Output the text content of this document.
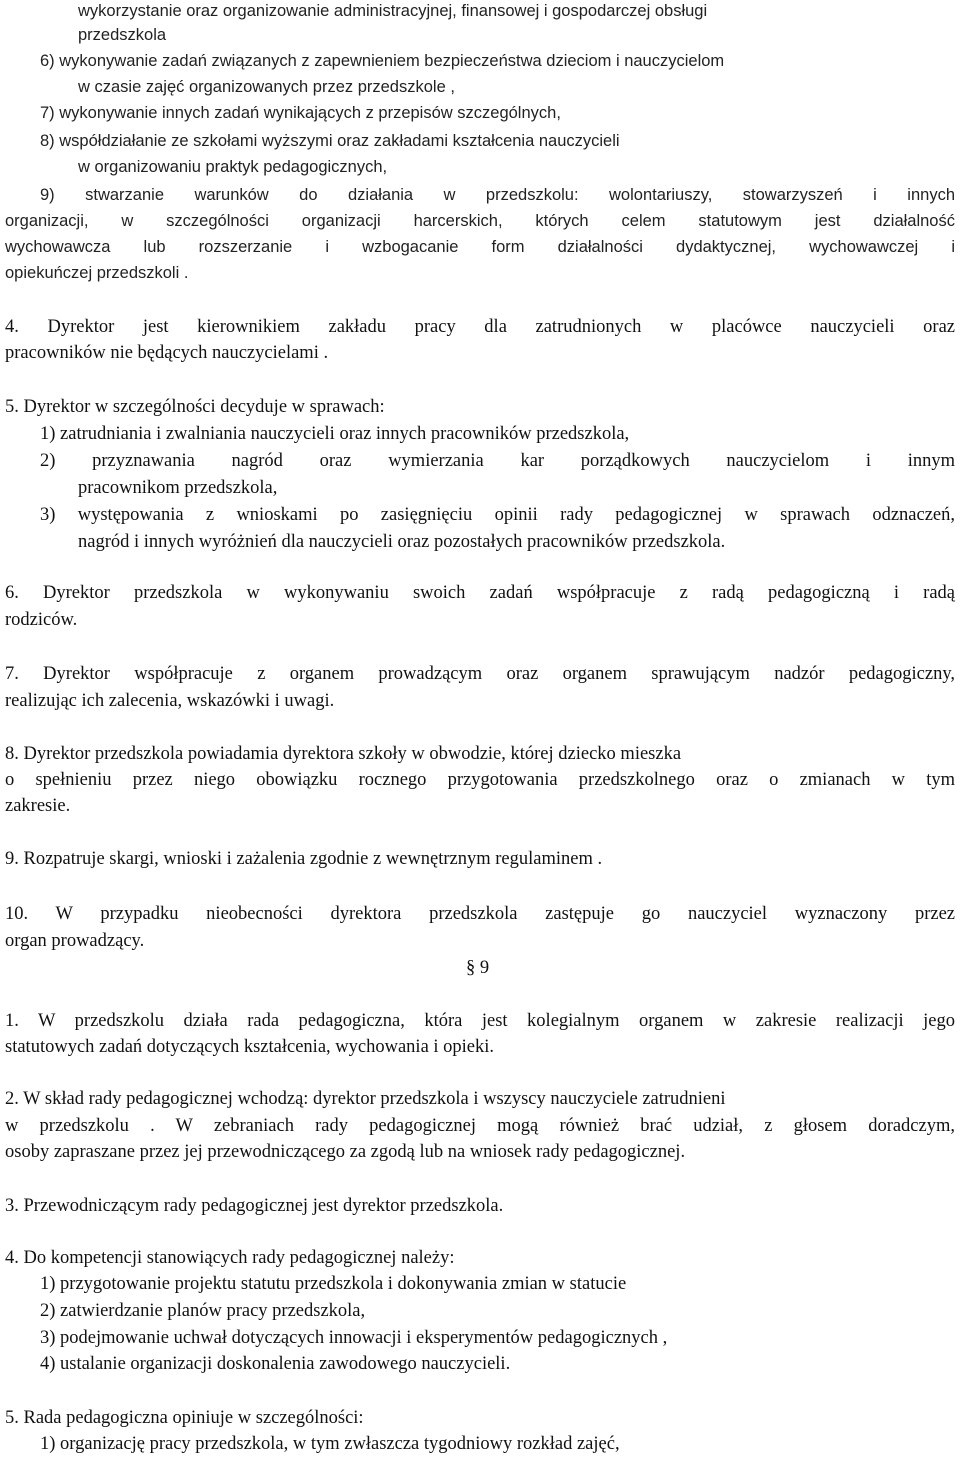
wykorzystanie oraz organizowanie administracyjnej, finansowej i gospodarczej obsługi
przedszkola
6) wykonywanie zadań związanych z zapewnieniem bezpieczeństwa dzieciom i nauczycielom
w czasie zajęć organizowanych przez przedszkole ,
7) wykonywanie innych zadań wynikających z przepisów szczególnych,
8) współdziałanie ze szkołami wyższymi oraz zakładami kształcenia nauczycieli
w organizowaniu praktyk pedagogicznych,
9) stwarzanie warunków do działania w przedszkolu: wolontariuszy, stowarzyszeń i innych
organizacji, w szczególności organizacji harcerskich, których celem statutowym jest działalność
wychowawcza lub rozszerzanie i wzbogacanie form działalności dydaktycznej, wychowawczej i
opiekuńczej przedszkoli .
4. Dyrektor jest kierownikiem zakładu pracy dla zatrudnionych w placówce nauczycieli oraz
pracowników nie będących nauczycielami .
5. Dyrektor w szczególności decyduje w sprawach:
1) zatrudniania i zwalniania nauczycieli oraz innych pracowników przedszkola,
2) przyznawania nagród oraz wymierzania kar porządkowych nauczycielom i innym
pracownikom przedszkola,
3) występowania z wnioskami po zasięgnięciu opinii rady pedagogicznej w sprawach odznaczeń,
nagród i innych wyróżnień dla nauczycieli oraz pozostałych pracowników przedszkola.
6. Dyrektor przedszkola w wykonywaniu swoich zadań współpracuje z radą pedagogiczną i radą
rodziców.
7. Dyrektor współpracuje z organem prowadzącym oraz organem sprawującym nadzór pedagogiczny,
realizując ich zalecenia, wskazówki i uwagi.
8. Dyrektor przedszkola powiadamia dyrektora szkoły w obwodzie, której dziecko mieszka
o spełnieniu przez niego obowiązku rocznego przygotowania przedszkolnego oraz o zmianach w tym
zakresie.
9. Rozpatruje skargi, wnioski i zażalenia zgodnie z wewnętrznym regulaminem .
10. W przypadku nieobecności dyrektora przedszkola zastępuje go nauczyciel wyznaczony przez
organ prowadzący.
§ 9
1. W przedszkolu działa rada pedagogiczna, która jest kolegialnym organem w zakresie realizacji jego
statutowych zadań dotyczących kształcenia, wychowania i opieki.
2. W skład rady pedagogicznej wchodzą: dyrektor przedszkola i wszyscy nauczyciele zatrudnieni
w przedszkolu . W zebraniach rady pedagogicznej mogą również brać udział, z głosem doradczym,
osoby zapraszane przez jej przewodniczącego za zgodą lub na wniosek rady pedagogicznej.
3. Przewodniczącym rady pedagogicznej jest dyrektor przedszkola.
4. Do kompetencji stanowiących rady pedagogicznej należy:
1) przygotowanie projektu statutu przedszkola i dokonywania zmian w statucie
2) zatwierdzanie planów pracy przedszkola,
3) podejmowanie uchwał dotyczących innowacji i eksperymentów pedagogicznych ,
4) ustalanie organizacji doskonalenia zawodowego nauczycieli.
5. Rada pedagogiczna opiniuje w szczególności:
1) organizację pracy przedszkola, w tym zwłaszcza tygodniowy rozkład zajęć,
